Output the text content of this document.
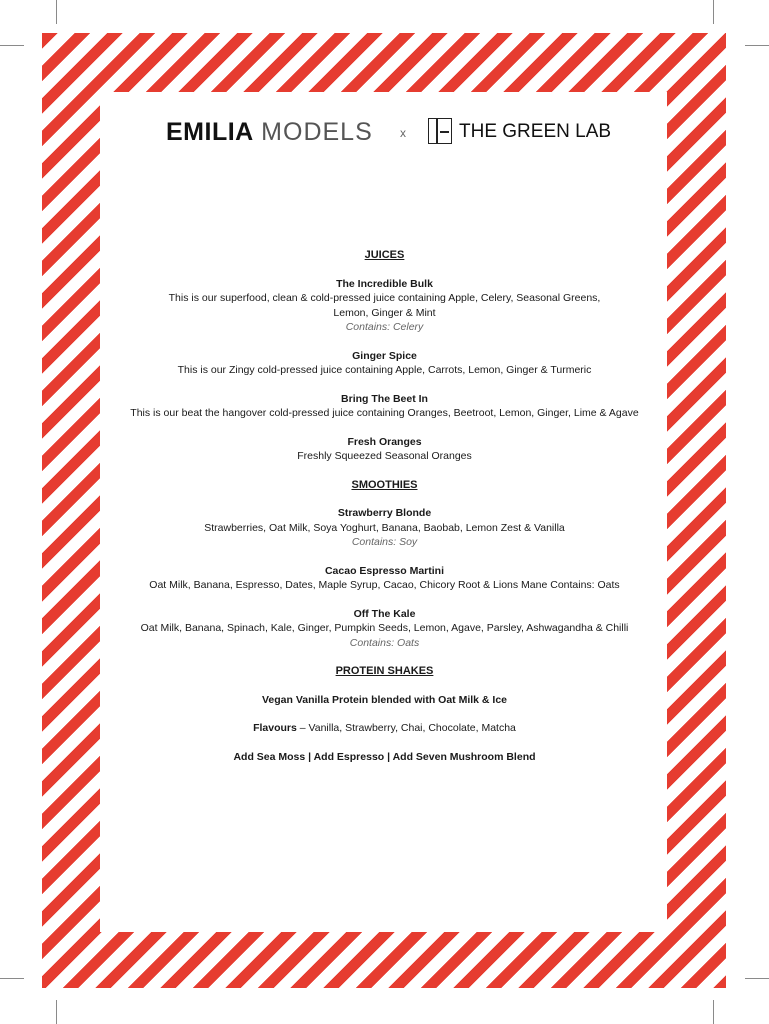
EMILIA MODELS x	THE GREEN LAB
JUICES
The Incredible Bulk
This is our superfood, clean & cold-pressed juice containing Apple, Celery, Seasonal Greens,
Lemon, Ginger & Mint
Contains: Celery
Ginger Spice
This is our Zingy cold-pressed juice containing Apple, Carrots, Lemon, Ginger & Turmeric
Bring The Beet In
This is our beat the hangover cold-pressed juice containing Oranges, Beetroot, Lemon, Ginger, Lime & Agave
Fresh Oranges
Freshly Squeezed Seasonal Oranges
SMOOTHIES
Strawberry Blonde
Strawberries, Oat Milk, Soya Yoghurt, Banana, Baobab, Lemon Zest & Vanilla
Contains: Soy
Cacao Espresso Martini
Oat Milk, Banana, Espresso, Dates, Maple Syrup, Cacao, Chicory Root & Lions Mane Contains: Oats
Off The Kale
Oat Milk, Banana, Spinach, Kale, Ginger, Pumpkin Seeds, Lemon, Agave, Parsley, Ashwagandha & Chilli
Contains: Oats
PROTEIN SHAKES
Vegan Vanilla Protein blended with Oat Milk & Ice
Flavours – Vanilla, Strawberry, Chai, Chocolate, Matcha
Add Sea Moss | Add Espresso | Add Seven Mushroom Blend
